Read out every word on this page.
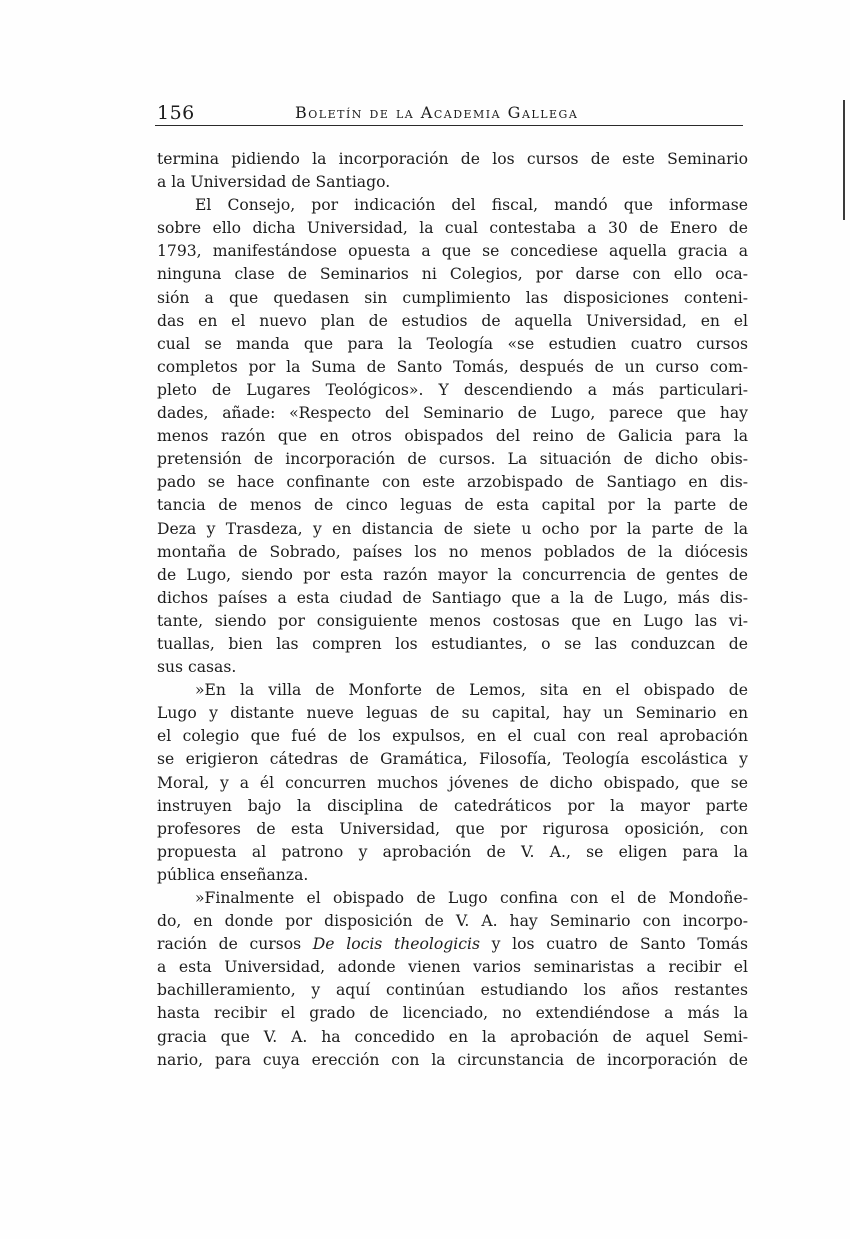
156	Boletín de la Academia Gallega
termina pidiendo la incorporación de los cursos de este Seminario
a la Universidad de Santiago.
El Consejo, por indicación del fiscal, mandó que informase
sobre ello dicha Universidad, la cual contestaba a 30 de Enero de
1793, manifestándose opuesta a que se concediese aquella gracia a
ninguna clase de Seminarios ni Colegios, por darse con ello oca-
sión a que quedasen sin cumplimiento las disposiciones conteni-
das en el nuevo plan de estudios de aquella Universidad, en el
cual se manda que para la Teología «se estudien cuatro cursos
completos por la Suma de Santo Tomás, después de un curso com-
pleto de Lugares Teológicos». Y descendiendo a más particulari-
dades, añade: «Respecto del Seminario de Lugo, parece que hay
menos razón que en otros obispados del reino de Galicia para la
pretensión de incorporación de cursos. La situación de dicho obis-
pado se hace confinante con este arzobispado de Santiago en dis-
tancia de menos de cinco leguas de esta capital por la parte de
Deza y Trasdeza, y en distancia de siete u ocho por la parte de la
montaña de Sobrado, países los no menos poblados de la diócesis
de Lugo, siendo por esta razón mayor la concurrencia de gentes de
dichos países a esta ciudad de Santiago que a la de Lugo, más dis-
tante, siendo por consiguiente menos costosas que en Lugo las vi-
tuallas, bien las compren los estudiantes, o se las conduzcan de
sus casas.
»En la villa de Monforte de Lemos, sita en el obispado de
Lugo y distante nueve leguas de su capital, hay un Seminario en
el colegio que fué de los expulsos, en el cual con real aprobación
se erigieron cátedras de Gramática, Filosofía, Teología escolástica y
Moral, y a él concurren muchos jóvenes de dicho obispado, que se
instruyen bajo la disciplina de catedráticos por la mayor parte
profesores de esta Universidad, que por rigurosa oposición, con
propuesta al patrono y aprobación de V. A., se eligen para la
pública enseñanza.
»Finalmente el obispado de Lugo confina con el de Mondoñe-
do, en donde por disposición de V. A. hay Seminario con incorpo-
ración de cursos De locis theologicis y los cuatro de Santo Tomás
a esta Universidad, adonde vienen varios seminaristas a recibir el
bachilleramiento, y aquí continúan estudiando los años restantes
hasta recibir el grado de licenciado, no extendiéndose a más la
gracia que V. A. ha concedido en la aprobación de aquel Semi-
nario, para cuya erección con la circunstancia de incorporación de
